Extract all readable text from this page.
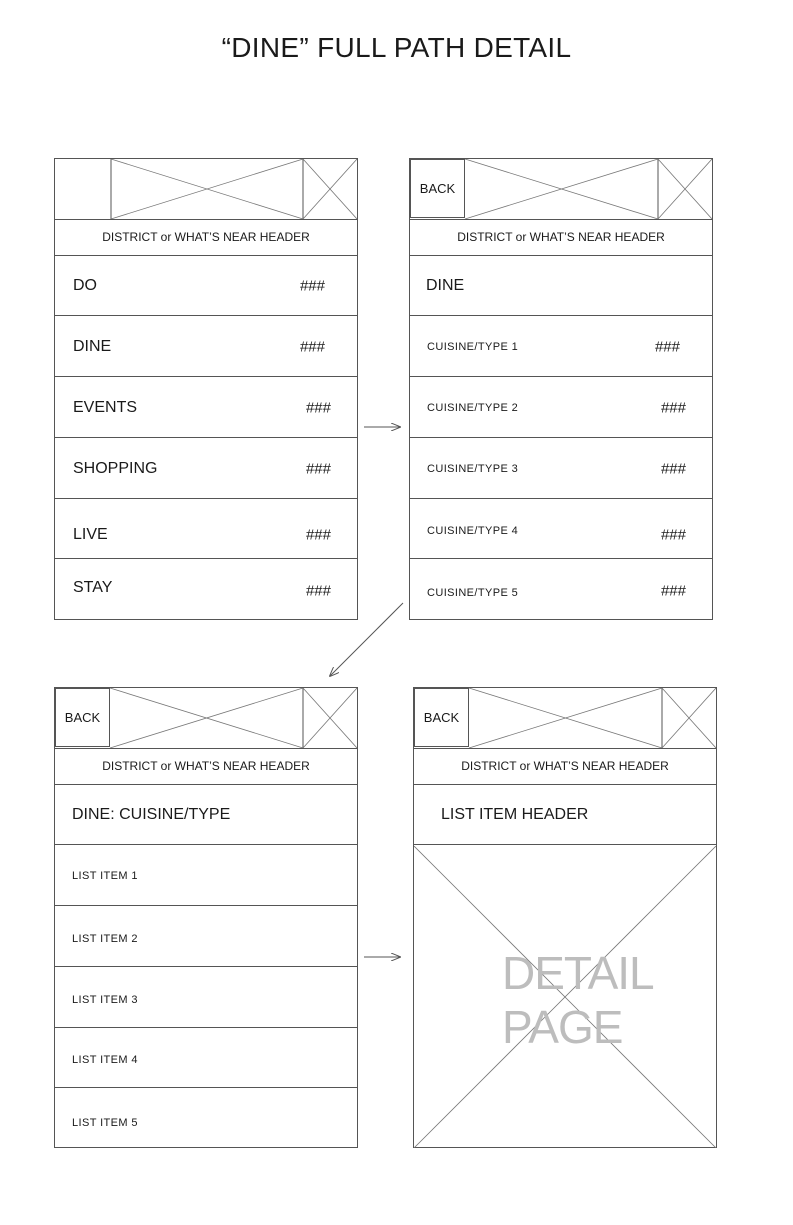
“DINE” FULL PATH DETAIL
DISTRICT or WHAT’S NEAR HEADER
DO	###
DINE	###
EVENTS	###
SHOPPING	###
LIVE	###
STAY	###
BACK
DISTRICT or WHAT’S NEAR HEADER
DINE
CUISINE/TYPE 1	###
CUISINE/TYPE 2	###
CUISINE/TYPE 3	###
CUISINE/TYPE 4	###
CUISINE/TYPE 5	###
BACK
DISTRICT or WHAT’S NEAR HEADER
DINE: CUISINE/TYPE
LIST ITEM 1
LIST ITEM 2
LIST ITEM 3
LIST ITEM 4
LIST ITEM 5
BACK
DISTRICT or WHAT’S NEAR HEADER
LIST ITEM HEADER
DETAIL
PAGE
